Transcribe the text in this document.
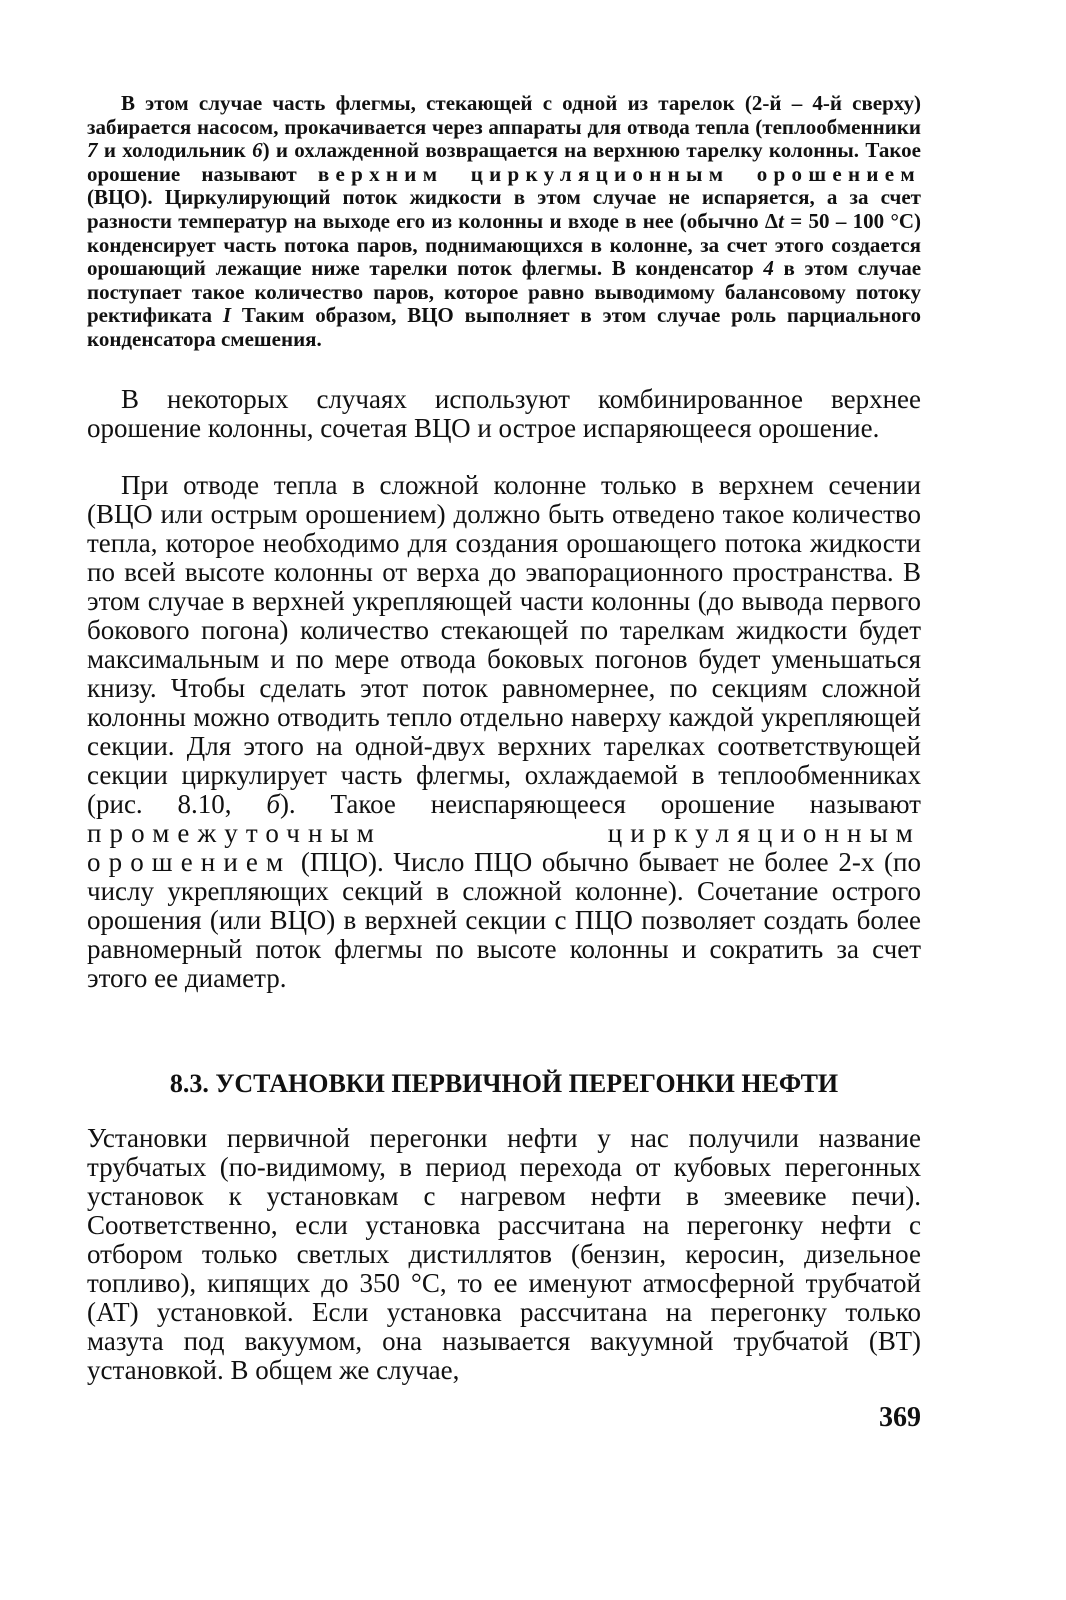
В этом случае часть флегмы, стекающей с одной из тарелок (2-й – 4-й сверху) забирается насосом, прокачивается через аппараты для отвода тепла (теплообменники 7 и холодильник 6) и охлажденной возвращается на верхнюю тарелку колонны. Такое орошение называют верхним циркуляционным орошением (ВЦО). Циркулирующий поток жидкости в этом случае не испаряется, а за счет разности температур на выходе его из колонны и входе в нее (обычно Δt = 50 – 100 °С) конденсирует часть потока паров, поднимающихся в колонне, за счет этого создается орошающий лежащие ниже тарелки поток флегмы. В конденсатор 4 в этом случае поступает такое количество паров, которое равно выводимому балансовому потоку ректификата I Таким образом, ВЦО выполняет в этом случае роль парциального конденсатора смешения.

В некоторых случаях используют комбинированное верхнее орошение колонны, сочетая ВЦО и острое испаряющееся орошение.

При отводе тепла в сложной колонне только в верхнем сечении (ВЦО или острым орошением) должно быть отведено такое количество тепла, которое необходимо для создания орошающего потока жидкости по всей высоте колонны от верха до эвапорационного пространства. В этом случае в верхней укрепляющей части колонны (до вывода первого бокового погона) количество стекающей по тарелкам жидкости будет максимальным и по мере отвода боковых погонов будет уменьшаться книзу. Чтобы сделать этот поток равномернее, по секциям сложной колонны можно отводить тепло отдельно наверху каждой укрепляющей секции. Для этого на одной-двух верхних тарелках соответствующей секции циркулирует часть флегмы, охлаждаемой в теплообменниках (рис. 8.10, б). Такое неиспаряющееся орошение называют промежуточным циркуляционным орошением (ПЦО). Число ПЦО обычно бывает не более 2-х (по числу укрепляющих секций в сложной колонне). Сочетание острого орошения (или ВЦО) в верхней секции с ПЦО позволяет создать более равномерный поток флегмы по высоте колонны и сократить за счет этого ее диаметр.

8.3. УСТАНОВКИ ПЕРВИЧНОЙ ПЕРЕГОНКИ НЕФТИ

Установки первичной перегонки нефти у нас получили название трубчатых (по-видимому, в период перехода от кубовых перегонных установок к установкам с нагревом нефти в змеевике печи). Соответственно, если установка рассчитана на перегонку нефти с отбором только светлых дистиллятов (бензин, керосин, дизельное топливо), кипящих до 350 °С, то ее именуют атмосферной трубчатой (АТ) установкой. Если установка рассчитана на перегонку только мазута под вакуумом, она называется вакуумной трубчатой (ВТ) установкой. В общем же случае,

369
